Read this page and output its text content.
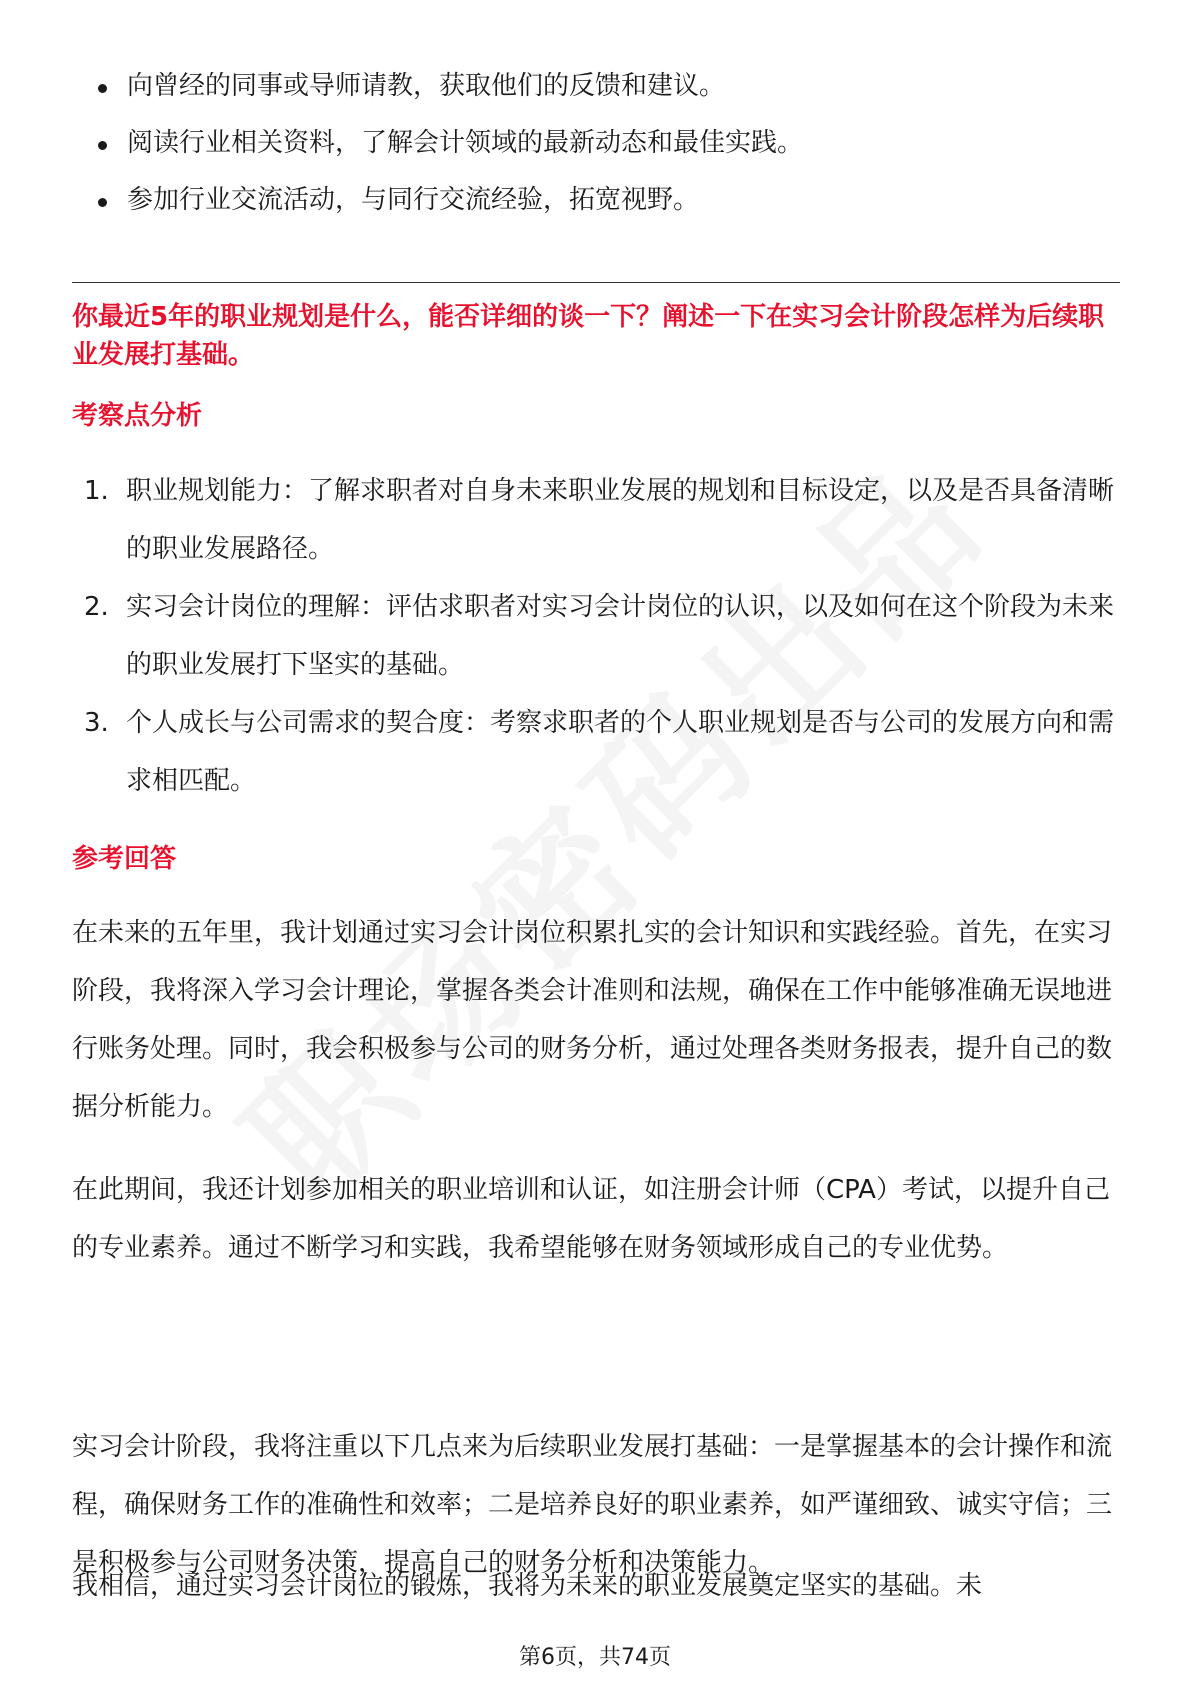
向曾经的同事或导师请教，获取他们的反馈和建议。
阅读行业相关资料，了解会计领域的最新动态和最佳实践。
参加行业交流活动，与同行交流经验，拓宽视野。
你最近5年的职业规划是什么，能否详细的谈一下？阐述一下在实习会计阶段怎样为后续职业发展打基础。
考察点分析
1. 职业规划能力：了解求职者对自身未来职业发展的规划和目标设定，以及是否具备清晰的职业发展路径。
2. 实习会计岗位的理解：评估求职者对实习会计岗位的认识，以及如何在这个阶段为未来的职业发展打下坚实的基础。
3. 个人成长与公司需求的契合度：考察求职者的个人职业规划是否与公司的发展方向和需求相匹配。
参考回答

在未来的五年里，我计划通过实习会计岗位积累扎实的会计知识和实践经验。首先，在实习阶段，我将深入学习会计理论，掌握各类会计准则和法规，确保在工作中能够准确无误地进行账务处理。同时，我会积极参与公司的财务分析，通过处理各类财务报表，提升自己的数据分析能力。

在此期间，我还计划参加相关的职业培训和认证，如注册会计师（CPA）考试，以提升自己的专业素养。通过不断学习和实践，我希望能够在财务领域形成自己的专业优势。

实习会计阶段，我将注重以下几点来为后续职业发展打基础：一是掌握基本的会计操作和流程，确保财务工作的准确性和效率；二是培养良好的职业素养，如严谨细致、诚实守信；三是积极参与公司财务决策，提高自己的财务分析和决策能力。

我相信，通过实习会计岗位的锻炼，我将为未来的职业发展奠定坚实的基础。未

第6页，共74页
